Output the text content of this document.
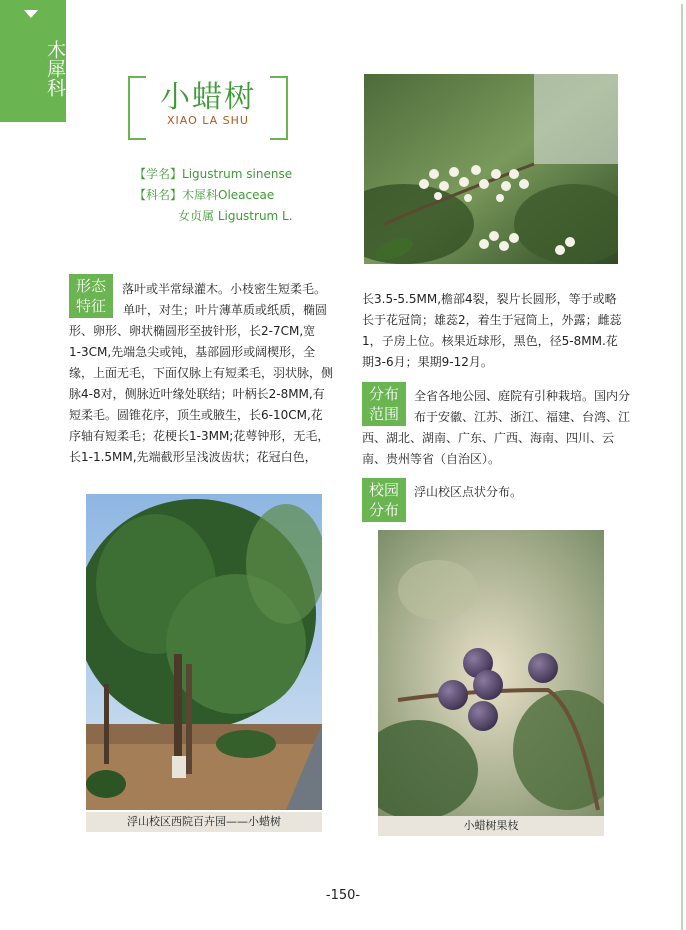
木犀科
小蜡树
XIAO LA SHU
【学名】Ligustrum sinense
【科名】木犀科Oleaceae
女贞属 Ligustrum L.
形态
特征
落叶或半常绿灌木。小枝密生短柔毛。
单叶，对生；叶片薄革质或纸质，椭圆
形、卵形、卵状椭圆形至披针形，长2-7CM,宽
1-3CM,先端急尖或钝，基部圆形或阔楔形，全
缘，上面无毛，下面仅脉上有短柔毛，羽状脉，侧
脉4-8对，侧脉近叶缘处联结；叶柄长2-8MM,有
短柔毛。圆锥花序，顶生或腋生，长6-10CM,花
序轴有短柔毛；花梗长1-3MM;花萼钟形，无毛，
长1-1.5MM,先端截形呈浅波齿状；花冠白色，
长3.5-5.5MM,檐部4裂，裂片长圆形，等于或略
长于花冠筒；雄蕊2，着生于冠筒上，外露；雌蕊
1，子房上位。核果近球形，黑色，径5-8MM.花
期3-6月；果期9-12月。
分布
范围
全省各地公园、庭院有引种栽培。国内分
布于安徽、江苏、浙江、福建、台湾、江
西、湖北、湖南、广东、广西、海南、四川、云
南、贵州等省（自治区）。
校园
分布
浮山校区点状分布。
浮山校区西院百卉园——小蜡树	小蜡树果枝
-150-
